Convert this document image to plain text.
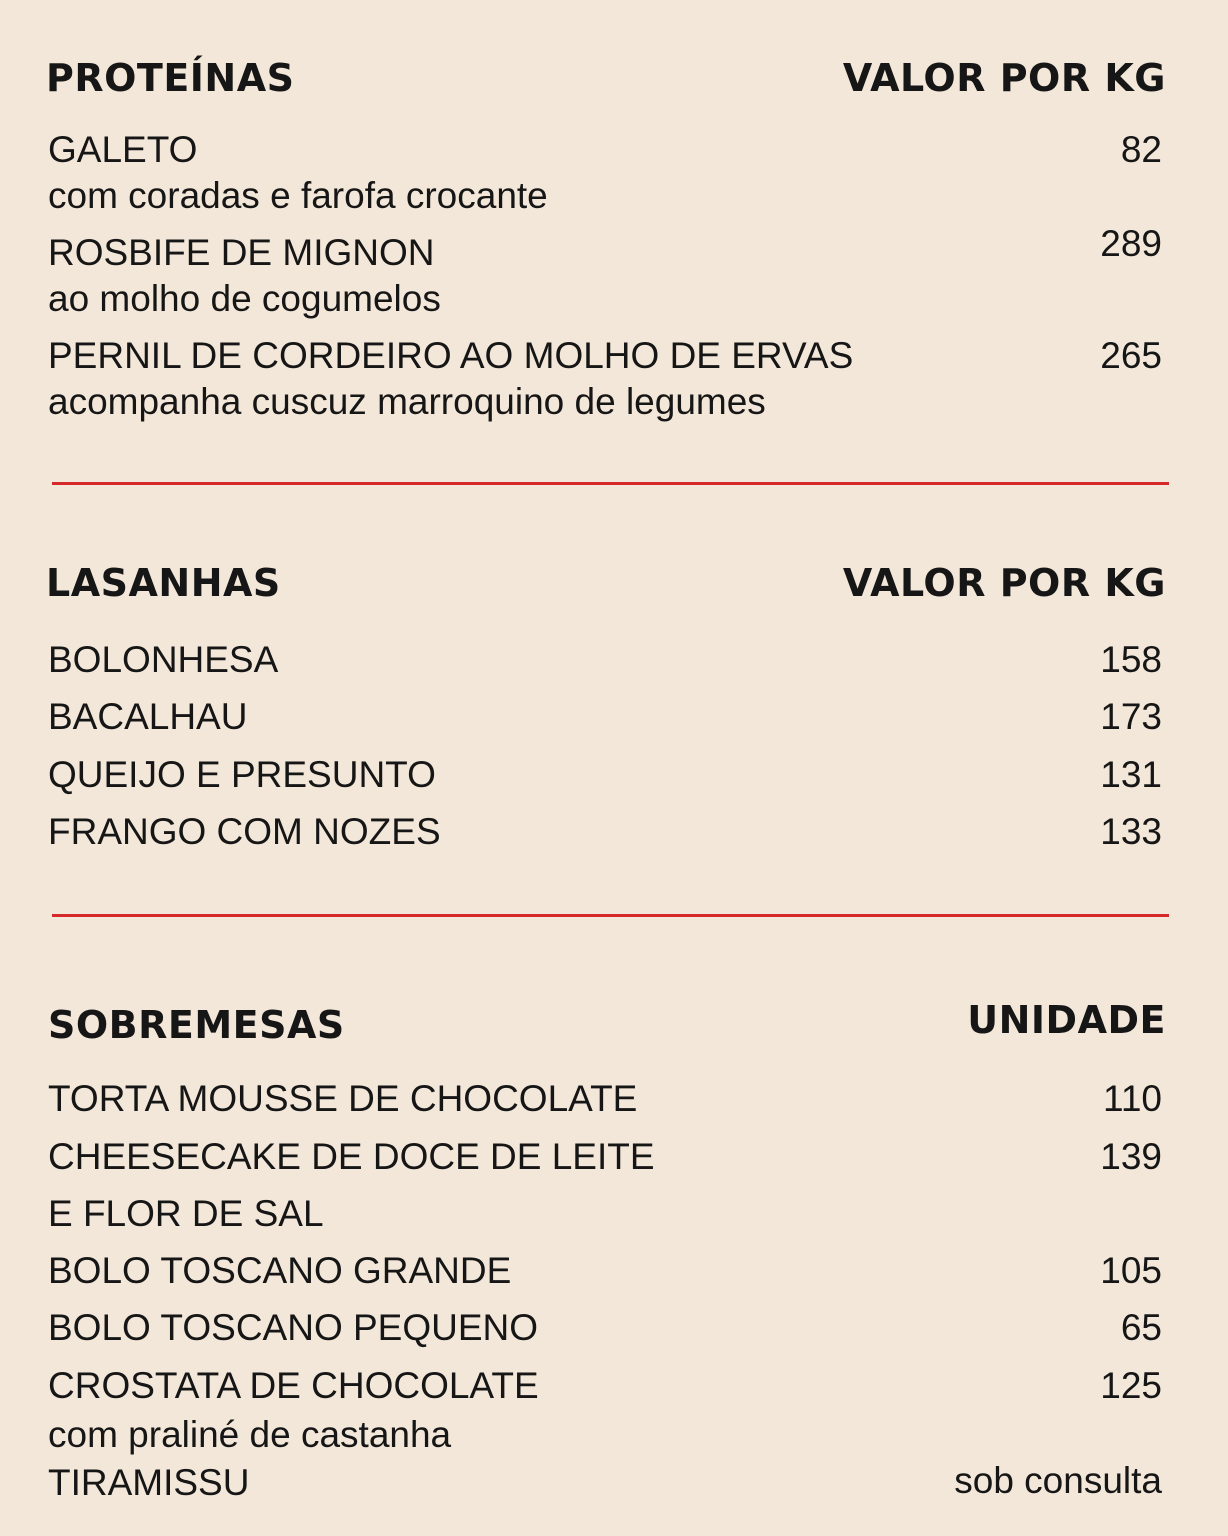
PROTEÍNAS	VALOR POR KG
GALETO	82
com coradas e farofa crocante
ROSBIFE DE MIGNON	289
ao molho de cogumelos
PERNIL DE CORDEIRO AO MOLHO DE ERVAS	265
acompanha cuscuz marroquino de legumes
LASANHAS	VALOR POR KG
BOLONHESA	158
BACALHAU	173
QUEIJO E PRESUNTO	131
FRANGO COM NOZES	133
SOBREMESAS	UNIDADE
TORTA MOUSSE DE CHOCOLATE	110
CHEESECAKE DE DOCE DE LEITE	139
E FLOR DE SAL
BOLO TOSCANO GRANDE	105
BOLO TOSCANO PEQUENO	65
CROSTATA DE CHOCOLATE	125
com praliné de castanha
TIRAMISSU	sob consulta
